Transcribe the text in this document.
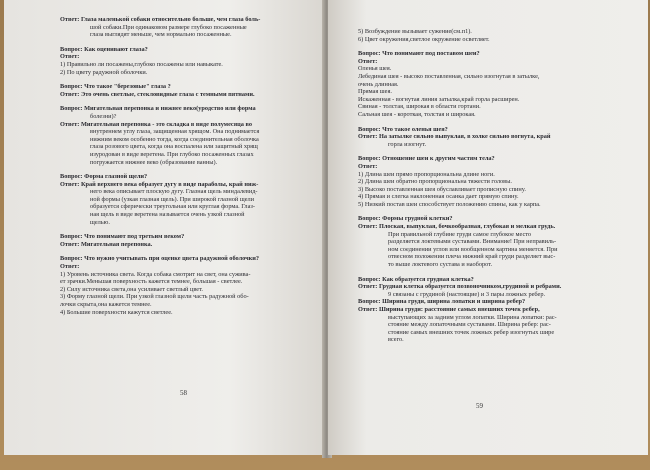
Ответ: Глаза маленькой собаки относительно больше, чем глаза боль-
шой собаки.При одинаковом размере глубоко посаженные
глаза выглядят меньше, чем нормально посаженные.
Вопрос: Как оценивают глаза?
Ответ:
1) Правильно ли посажены,глубоко посажены или навыкате.
2) По цвету радужной оболочки.
Вопрос: Что такое "березовые" глаза ?
Ответ: Это очень светлые, стекловидные глаза с темными пятнами.
Вопрос: Мигательная перепонка и нижнее веко(уродство или форма
болезни)?
Ответ: Мигательная перепонка - это складка в виде полумесяца во
внутреннем углу глаза, защищенная хрящом. Она поднимается
нижним веком особенно тогда, когда соединительная оболочка
глаза розового цвета, когда она воспалена или защитный хрящ
изуродован в виде веретена. При глубоко посаженных глазах
погружается нижнее веко (образование ванны).
Вопрос: Форма глазной щели?
Ответ: Край верхнего века образует дугу в виде параболы, край ниж-
него века описывает плоскую дугу. Глазная щель миндалевид-
ной формы (узкая глазная щель). При широкой глазной щели
образуется сферически треугольная или круглая форма. Глаз-
ная щель в виде веретена называется очень узкой глазной
щелью.
Вопрос: Что понимают под третьим веком?
Ответ: Мигательная перепонка.
Вопрос: Что нужно учитывать при оценке цвета радужной оболочки?
Ответ:
1) Уровень источника света. Когда собака смотрит на свет, она сужива-
ет зрачки.Меньшая поверхность кажется темнее, большая - светлее.
2) Силу источника света,она усиливает светлый цвет.
3) Форму глазной щели. При узкой глазной щели часть радужной обо-
лочки скрыта,она кажется темнее.
4) Большие поверхности кажутся светлее.
58
5) Возбуждение вызывает сужение(см.п1).
6) Цвет окружения,светлое окружение осветляет.
Вопрос: Что понимают под поставом шеи?
Ответ:
Оленья шея.
Лебединая шея - высоко поставленная, сильно изогнутая в затылке,
очень длинная.
Прямая шея.
Искаженная - вогнутая линия затылка,край горла расширен.
Свиная - толстая, широкая в области гортани.
Сальная шея - короткая, толстая и широкая.
Вопрос: Что такое оленья шея?
Ответ: На затылке сильно выпуклая, в холке сильно вогнута, край
горла изогнут.
Вопрос: Отношение шеи к другим частям тела?
Ответ:
1) Длина шеи прямо пропорциональна длине ноги.
2) Длина шеи обратно пропорциональна тяжести головы.
3) Высоко поставленная шея обуславливает прописную спину.
4) Прямая и слегка наклоненная осанка дает прямую спину.
5) Низкий постав шеи способствует положению спины, как у карпа.
Вопрос: Формы грудной клетки?
Ответ: Плоская, выпуклая, бочкообразная, глубокая и мелкая грудь.
При правильной глубине груди самое глубокое место
разделяется локтевыми суставами. Внимание! При неправиль-
ном соединении углов или вообщенном картина меняется. При
отвесном положении плеча нижний край груди разделяет выс-
то выше локтевого сустава и наоборот.
Вопрос: Как образуется грудная клетка?
Ответ: Грудная клетка образуется позвоночником,грудиной и ребрами.
9 связаны с грудиной (настоящие) и 3 пары ложных ребер.
Вопрос: Ширина груди, ширина лопатки и ширина ребер?
Ответ: Ширина груди: расстояние самых внешних точек ребер,
выступающих за задним углом лопатки. Ширина лопатки: рас-
стояние между лопаточными суставами. Ширина ребер: рас-
стояние самых внешних точек ложных ребер изогнутых шире
всего.
59
